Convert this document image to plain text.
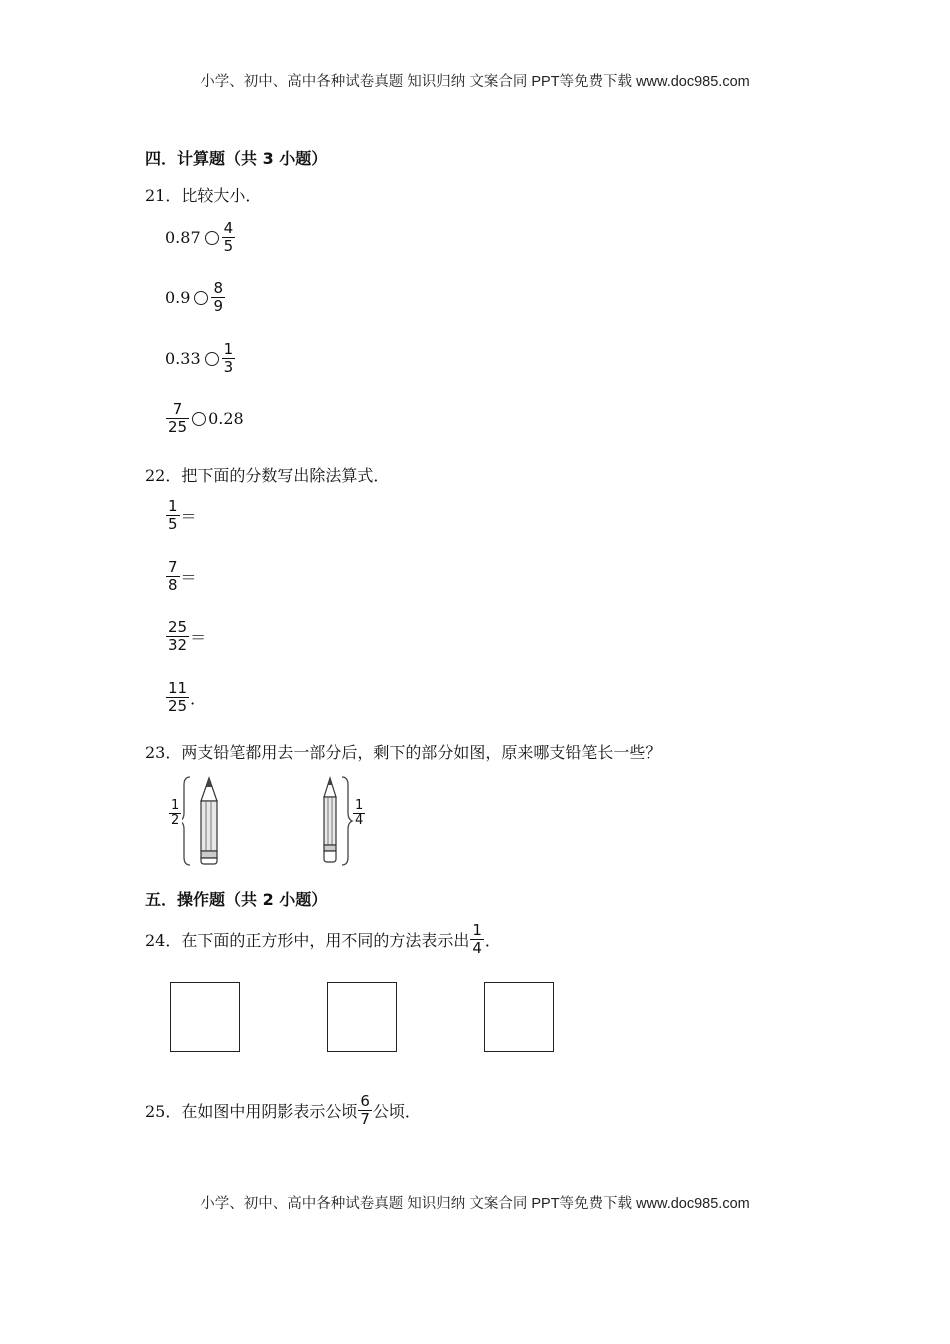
小学、初中、高中各种试卷真题 知识归纳 文案合同 PPT等免费下载 www.doc985.com
四．计算题（共 3 小题）
21．比较大小．
$0.87 \frac{4}{5}$
$0.9 \frac{8}{9}$
$0.33 \frac{1}{3}$
$\frac{7}{25} 0.28$
22．把下面的分数写出除法算式．
$\frac{1}{5}$ ＝
$\frac{7}{8}$ ＝
$\frac{25}{32}$ ＝
$\frac{11}{25}$ ．
23．两支铅笔都用去一部分后，剩下的部分如图，原来哪支铅笔长一些？
$\frac{1}{2}$	$\frac{1}{4}$
五．操作题（共 2 小题）
24．在下面的正方形中，用不同的方法表示出 $\frac{1}{4}$ ．
25．在如图中用阴影表示公顷 $\frac{6}{7}$ 公顷．
小学、初中、高中各种试卷真题 知识归纳 文案合同 PPT等免费下载 www.doc985.com
